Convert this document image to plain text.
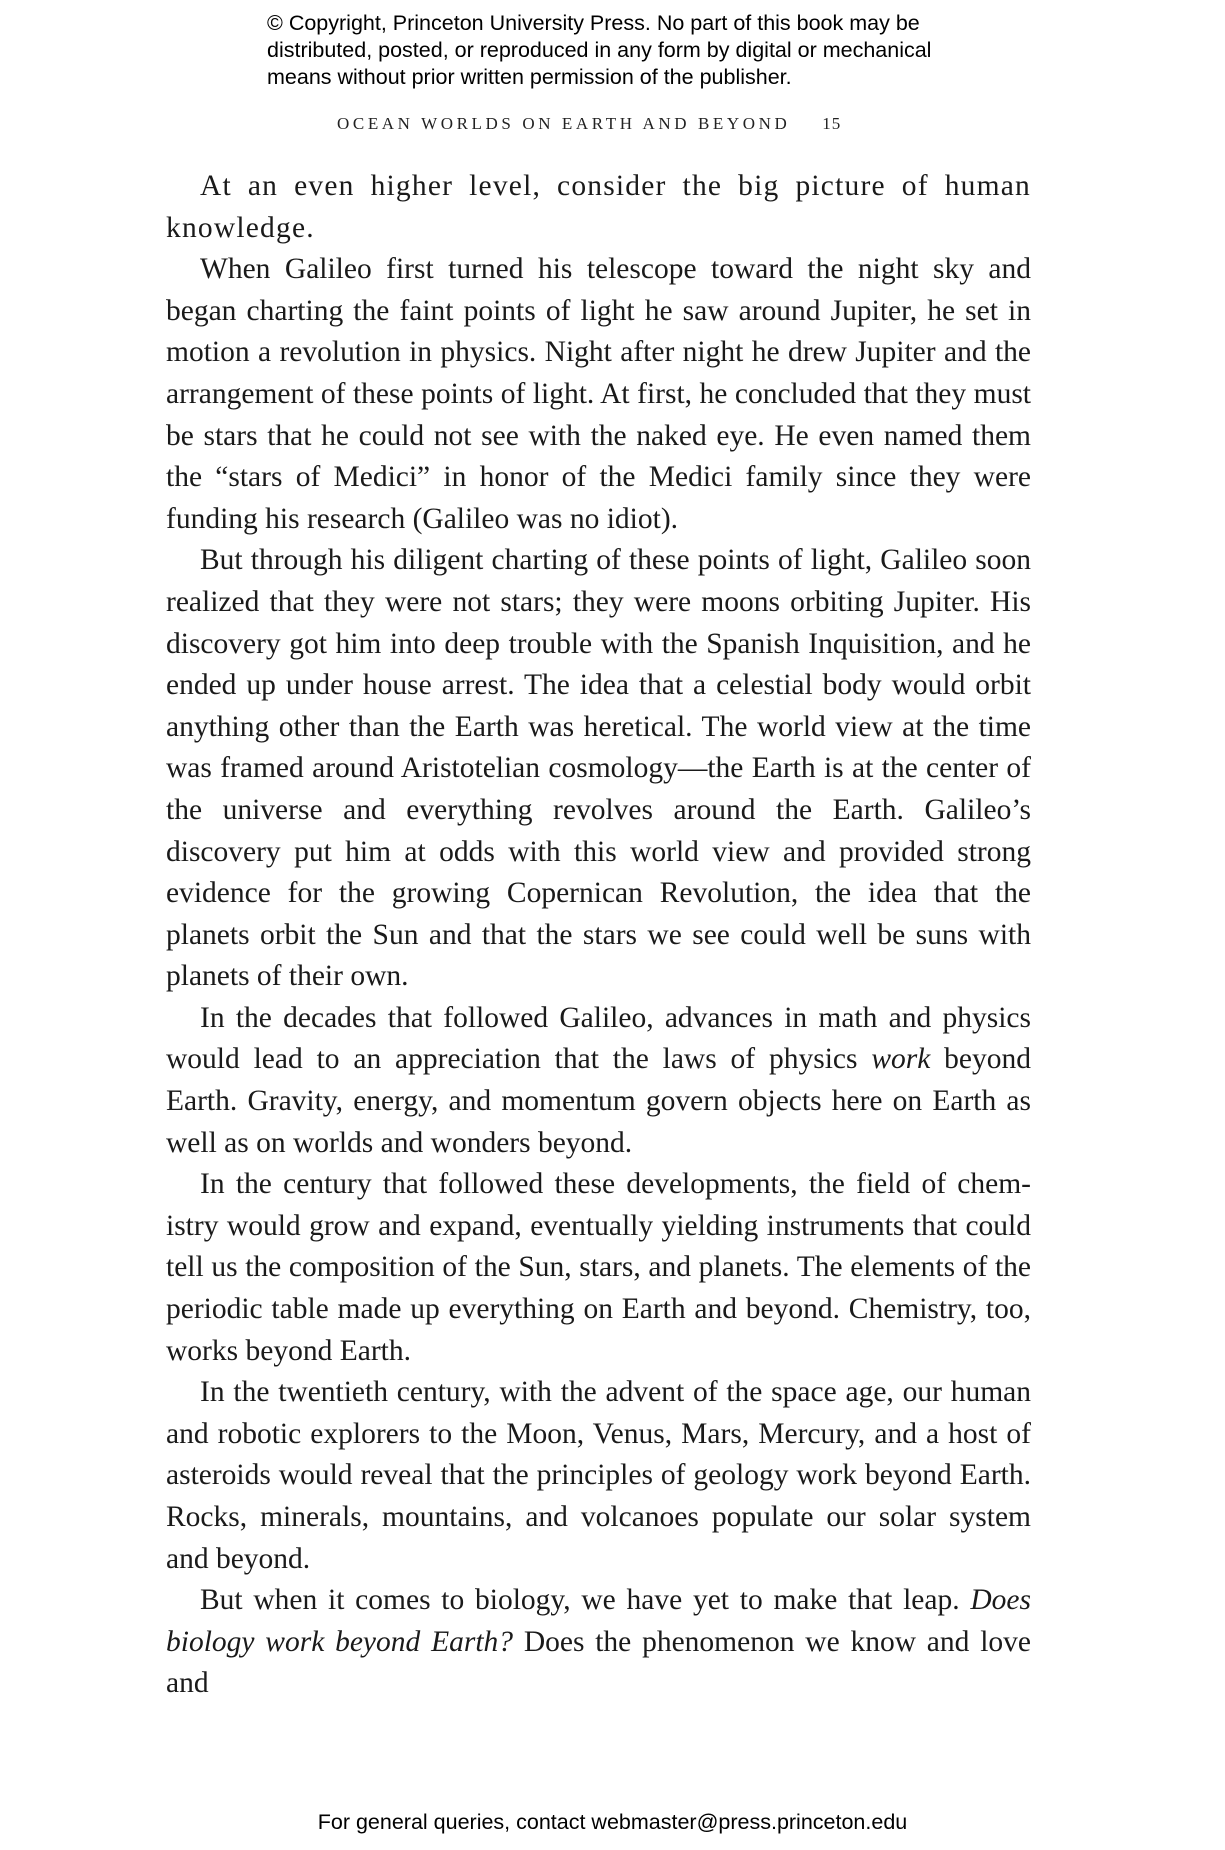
© Copyright, Princeton University Press. No part of this book may be distributed, posted, or reproduced in any form by digital or mechanical means without prior written permission of the publisher.
OCEAN WORLDS ON EARTH AND BEYOND 15

At an even higher level, consider the big picture of human knowledge.

When Galileo first turned his telescope toward the night sky and began charting the faint points of light he saw around Jupiter, he set in motion a revolution in physics. Night after night he drew Jupiter and the arrangement of these points of light. At first, he concluded that they must be stars that he could not see with the naked eye. He even named them the “stars of Medici” in honor of the Medici family since they were funding his research (Galileo was no idiot).

But through his diligent charting of these points of light, Galileo soon realized that they were not stars; they were moons orbiting Jupiter. His discovery got him into deep trouble with the Spanish Inquisition, and he ended up under house arrest. The idea that a celestial body would orbit anything other than the Earth was heretical. The world view at the time was framed around Aristotelian cosmology—the Earth is at the center of the universe and everything revolves around the Earth. Galileo’s discovery put him at odds with this world view and provided strong evidence for the growing Copernican Revolution, the idea that the planets orbit the Sun and that the stars we see could well be suns with planets of their own.

In the decades that followed Galileo, advances in math and physics would lead to an appreciation that the laws of physics work beyond Earth. Gravity, energy, and momentum govern objects here on Earth as well as on worlds and wonders beyond.

In the century that followed these developments, the field of chemistry would grow and expand, eventually yielding instruments that could tell us the composition of the Sun, stars, and planets. The elements of the periodic table made up everything on Earth and beyond. Chemistry, too, works beyond Earth.

In the twentieth century, with the advent of the space age, our human and robotic explorers to the Moon, Venus, Mars, Mercury, and a host of asteroids would reveal that the principles of geology work beyond Earth. Rocks, minerals, mountains, and volcanoes populate our solar system and beyond.

But when it comes to biology, we have yet to make that leap. Does biology work beyond Earth? Does the phenomenon we know and love and

For general queries, contact webmaster@press.princeton.edu
